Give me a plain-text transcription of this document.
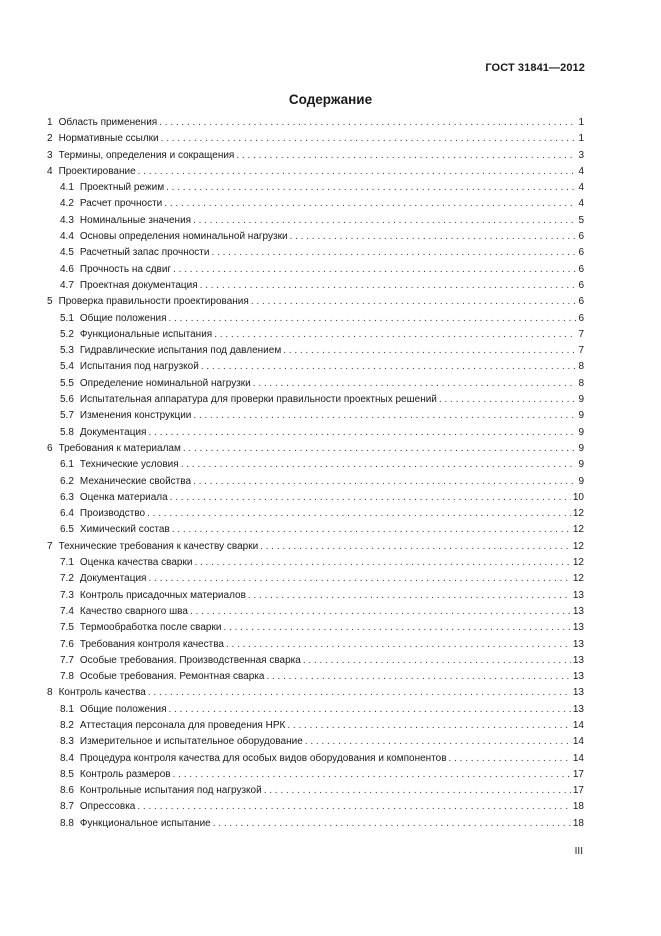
ГОСТ 31841—2012
Содержание
1 Область применения . . .	1
2 Нормативные ссылки . . .	1
3 Термины, определения и сокращения . . .	3
4 Проектирование . . .	4
4.1 Проектный режим . . .	4
4.2 Расчет прочности . . .	4
4.3 Номинальные значения . . .	5
4.4 Основы определения номинальной нагрузки . . .	6
4.5 Расчетный запас прочности . . .	6
4.6 Прочность на сдвиг . . .	6
4.7 Проектная документация . . .	6
5 Проверка правильности проектирования . . .	6
5.1 Общие положения . . .	6
5.2 Функциональные испытания . . .	7
5.3 Гидравлические испытания под давлением . . .	7
5.4 Испытания под нагрузкой . . .	8
5.5 Определение номинальной нагрузки . . .	8
5.6 Испытательная аппаратура для проверки правильности проектных решений . . .	9
5.7 Изменения конструкции . . .	9
5.8 Документация . . .	9
6 Требования к материалам . . .	9
6.1 Технические условия . . .	9
6.2 Механические свойства . . .	9
6.3 Оценка материала . . .	10
6.4 Производство . . .	12
6.5 Химический состав . . .	12
7 Технические требования к качеству сварки . . .	12
7.1 Оценка качества сварки . . .	12
7.2 Документация . . .	12
7.3 Контроль присадочных материалов . . .	13
7.4 Качество сварного шва . . .	13
7.5 Термообработка после сварки . . .	13
7.6 Требования контроля качества . . .	13
7.7 Особые требования. Производственная сварка . . .	13
7.8 Особые требования. Ремонтная сварка . . .	13
8 Контроль качества . . .	13
8.1 Общие положения . . .	13
8.2 Аттестация персонала для проведения НРК . . .	14
8.3 Измерительное и испытательное оборудование . . .	14
8.4 Процедура контроля качества для особых видов оборудования и компонентов . . .	14
8.5 Контроль размеров . . .	17
8.6 Контрольные испытания под нагрузкой . . .	17
8.7 Опрессовка . . .	18
8.8 Функциональное испытание . . .	18
III
